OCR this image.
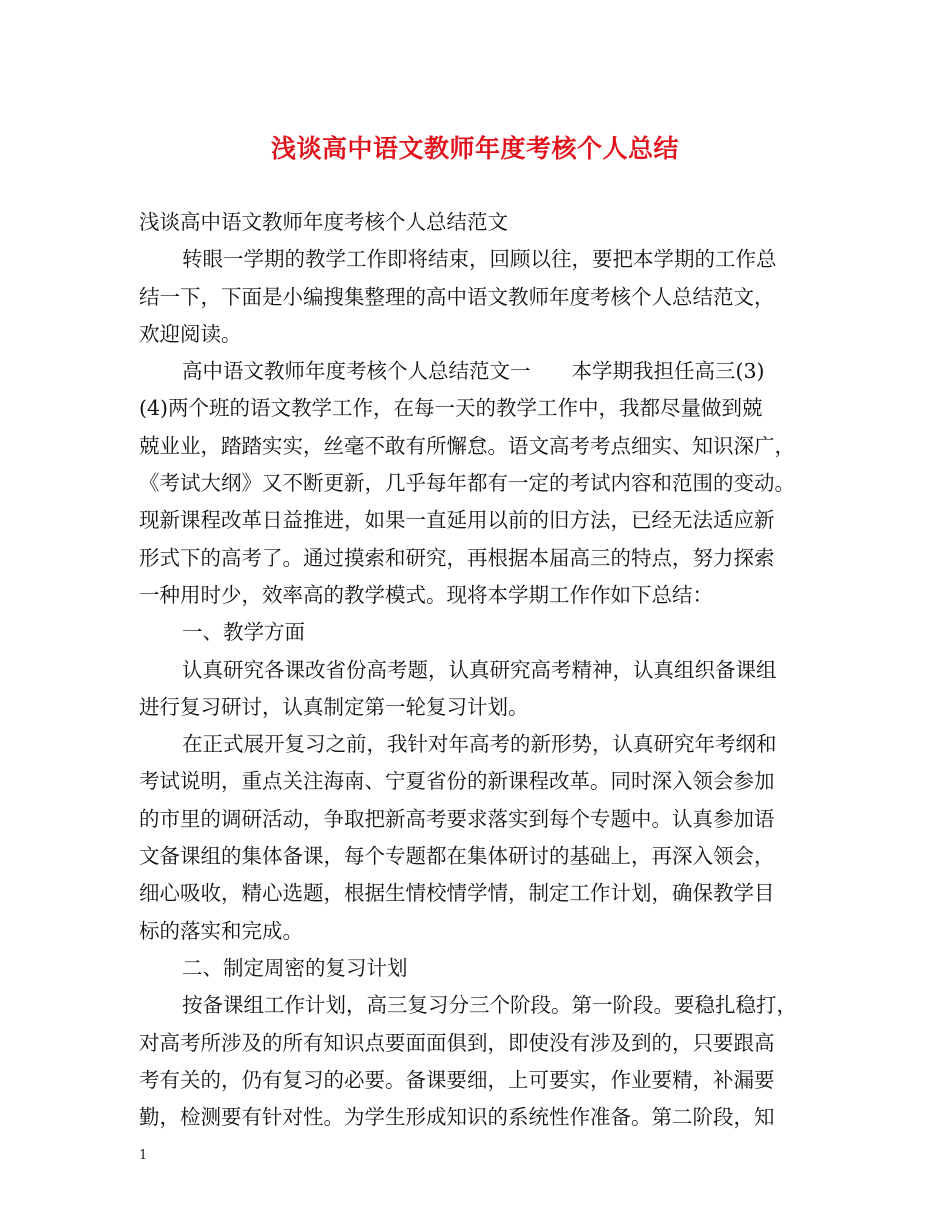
浅谈高中语文教师年度考核个人总结
浅谈高中语文教师年度考核个人总结范文
转眼一学期的教学工作即将结束，回顾以往，要把本学期的工作总
结一下，下面是小编搜集整理的高中语文教师年度考核个人总结范文，
欢迎阅读。
高中语文教师年度考核个人总结范文一　　本学期我担任高三(3)
(4)两个班的语文教学工作，在每一天的教学工作中，我都尽量做到兢
兢业业，踏踏实实，丝毫不敢有所懈怠。语文高考考点细实、知识深广，
《考试大纲》又不断更新，几乎每年都有一定的考试内容和范围的变动。
现新课程改革日益推进，如果一直延用以前的旧方法，已经无法适应新
形式下的高考了。通过摸索和研究，再根据本届高三的特点，努力探索
一种用时少，效率高的教学模式。现将本学期工作作如下总结：
一、教学方面
认真研究各课改省份高考题，认真研究高考精神，认真组织备课组
进行复习研讨，认真制定第一轮复习计划。
在正式展开复习之前，我针对年高考的新形势，认真研究年考纲和
考试说明，重点关注海南、宁夏省份的新课程改革。同时深入领会参加
的市里的调研活动，争取把新高考要求落实到每个专题中。认真参加语
文备课组的集体备课，每个专题都在集体研讨的基础上，再深入领会，
细心吸收，精心选题，根据生情校情学情，制定工作计划，确保教学目
标的落实和完成。
二、制定周密的复习计划
按备课组工作计划，高三复习分三个阶段。第一阶段。要稳扎稳打，
对高考所涉及的所有知识点要面面俱到，即使没有涉及到的，只要跟高
考有关的，仍有复习的必要。备课要细，上可要实，作业要精，补漏要
勤，检测要有针对性。为学生形成知识的系统性作准备。第二阶段，知
1
